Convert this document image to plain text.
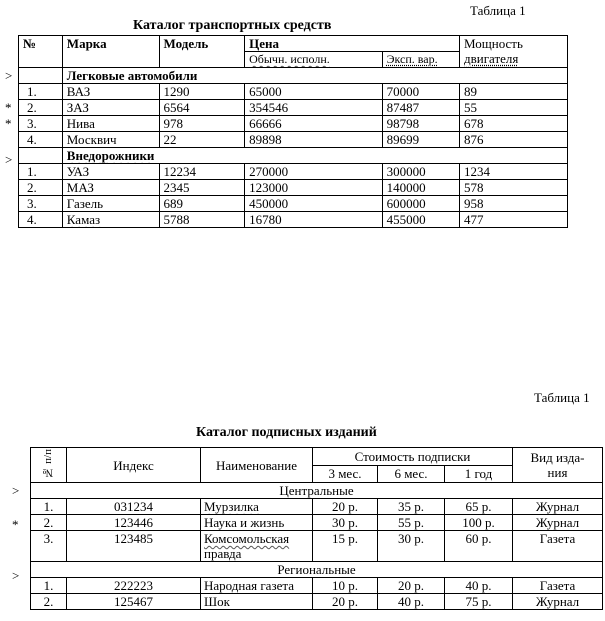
Таблица 1
Каталог транспортных средств
>
*
*
>
№	Марка	Модель	Цена		Мощность
двигателя

			Обычн. исполн.	Эксп. вар.	
	Легковые автомобили				
1.	ВАЗ	1290	65000	70000	89
2.	ЗАЗ	6564	354546	87487	55
3.	Нива	978	66666	98798	678
4.	Москвич	22	89898	89699	876
	Внедорожники				
1.	УАЗ	12234	270000	300000	1234
2.	МАЗ	2345	123000	140000	578
3.	Газель	689	450000	600000	958
4.	Камаз	5788	16780	455000	477
Таблица 1
Каталог подписных изданий
>
*
>
№ п/п	Индекс	Наименование	Стоимость подписки			Вид изда-
ния

			3 мес.	6 мес.	1 год	
Центральные						
1.	031234	Мурзилка	20 р.	35 р.	65 р.	Журнал
2.	123446	Наука и жизнь	30 р.	55 р.	100 р.	Журнал
3.	123485	Комсомольская
правда	15 р.	30 р.	60 р.	Газета
Региональные						
1.	222223	Народная газета	10 р.	20 р.	40 р.	Газета
2.	125467	Шок	20 р.	40 р.	75 р.	Журнал
